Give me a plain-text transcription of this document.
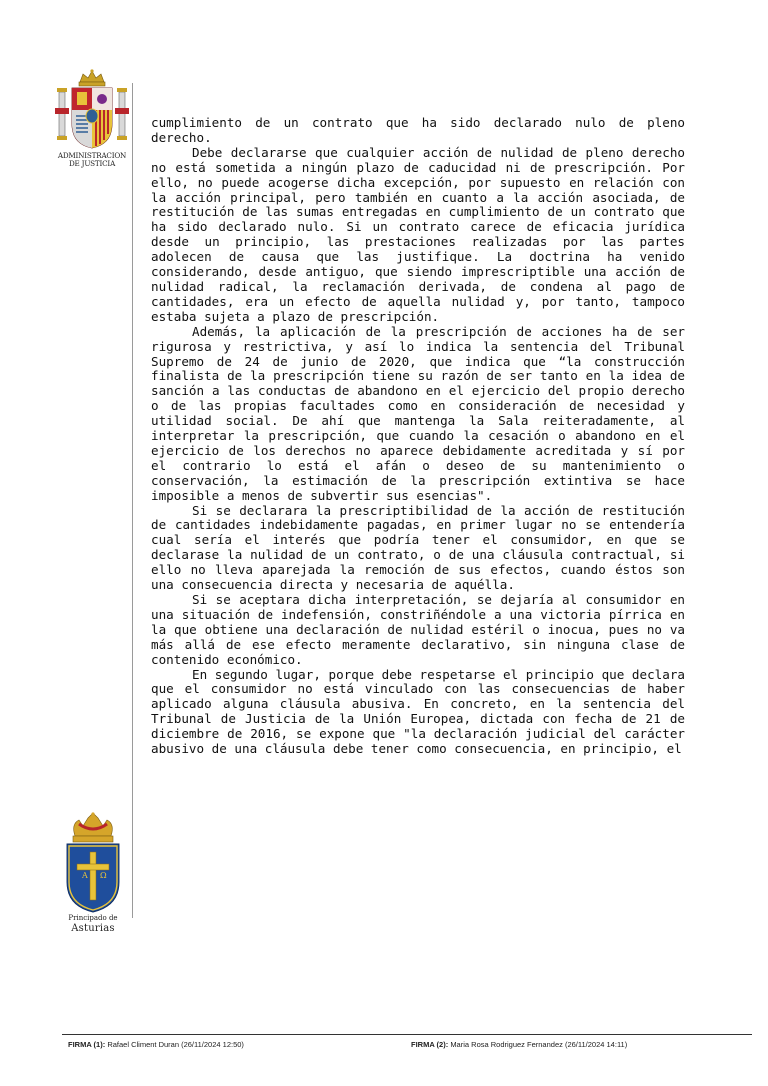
ADMINISTRACION
DE JUSTICIA

cumplimiento de un contrato que ha sido declarado nulo de pleno derecho.

Debe declararse que cualquier acción de nulidad de pleno derecho no está sometida a ningún plazo de caducidad ni de prescripción. Por ello, no puede acogerse dicha excepción, por supuesto en relación con la acción principal, pero también en cuanto a la acción asociada, de restitución de las sumas entregadas en cumplimiento de un contrato que ha sido declarado nulo. Si un contrato carece de eficacia jurídica desde un principio, las prestaciones realizadas por las partes adolecen de causa que las justifique. La doctrina ha venido considerando, desde antiguo, que siendo imprescriptible una acción de nulidad radical, la reclamación derivada, de condena al pago de cantidades, era un efecto de aquella nulidad y, por tanto, tampoco estaba sujeta a plazo de prescripción.

Además, la aplicación de la prescripción de acciones ha de ser rigurosa y restrictiva, y así lo indica la sentencia del Tribunal Supremo de 24 de junio de 2020, que indica que “la construcción finalista de la prescripción tiene su razón de ser tanto en la idea de sanción a las conductas de abandono en el ejercicio del propio derecho o de las propias facultades como en consideración de necesidad y utilidad social. De ahí que mantenga la Sala reiteradamente, al interpretar la prescripción, que cuando la cesación o abandono en el ejercicio de los derechos no aparece debidamente acreditada y sí por el contrario lo está el afán o deseo de su mantenimiento o conservación, la estimación de la prescripción extintiva se hace imposible a menos de subvertir sus esencias".

Si se declarara la prescriptibilidad de la acción de restitución de cantidades indebidamente pagadas, en primer lugar no se entendería cual sería el interés que podría tener el consumidor, en que se declarase la nulidad de un contrato, o de una cláusula contractual, si ello no lleva aparejada la remoción de sus efectos, cuando éstos son una consecuencia directa y necesaria de aquélla.

Si se aceptara dicha interpretación, se dejaría al consumidor en una situación de indefensión, constriñéndole a una victoria pírrica en la que obtiene una declaración de nulidad estéril o inocua, pues no va más allá de ese efecto meramente declarativo, sin ninguna clase de contenido económico.

En segundo lugar, porque debe respetarse el principio que declara que el consumidor no está vinculado con las consecuencias de haber aplicado alguna cláusula abusiva. En concreto, en la sentencia del Tribunal de Justicia de la Unión Europea, dictada con fecha de 21 de diciembre de 2016, se expone que "la declaración judicial del carácter abusivo de una cláusula debe tener como consecuencia, en principio, el

A Ω
Principado de
Asturias
FIRMA (1): Rafael Climent Duran (26/11/2024 12:50)	FIRMA (2): Maria Rosa Rodriguez Fernandez (26/11/2024 14:11)
